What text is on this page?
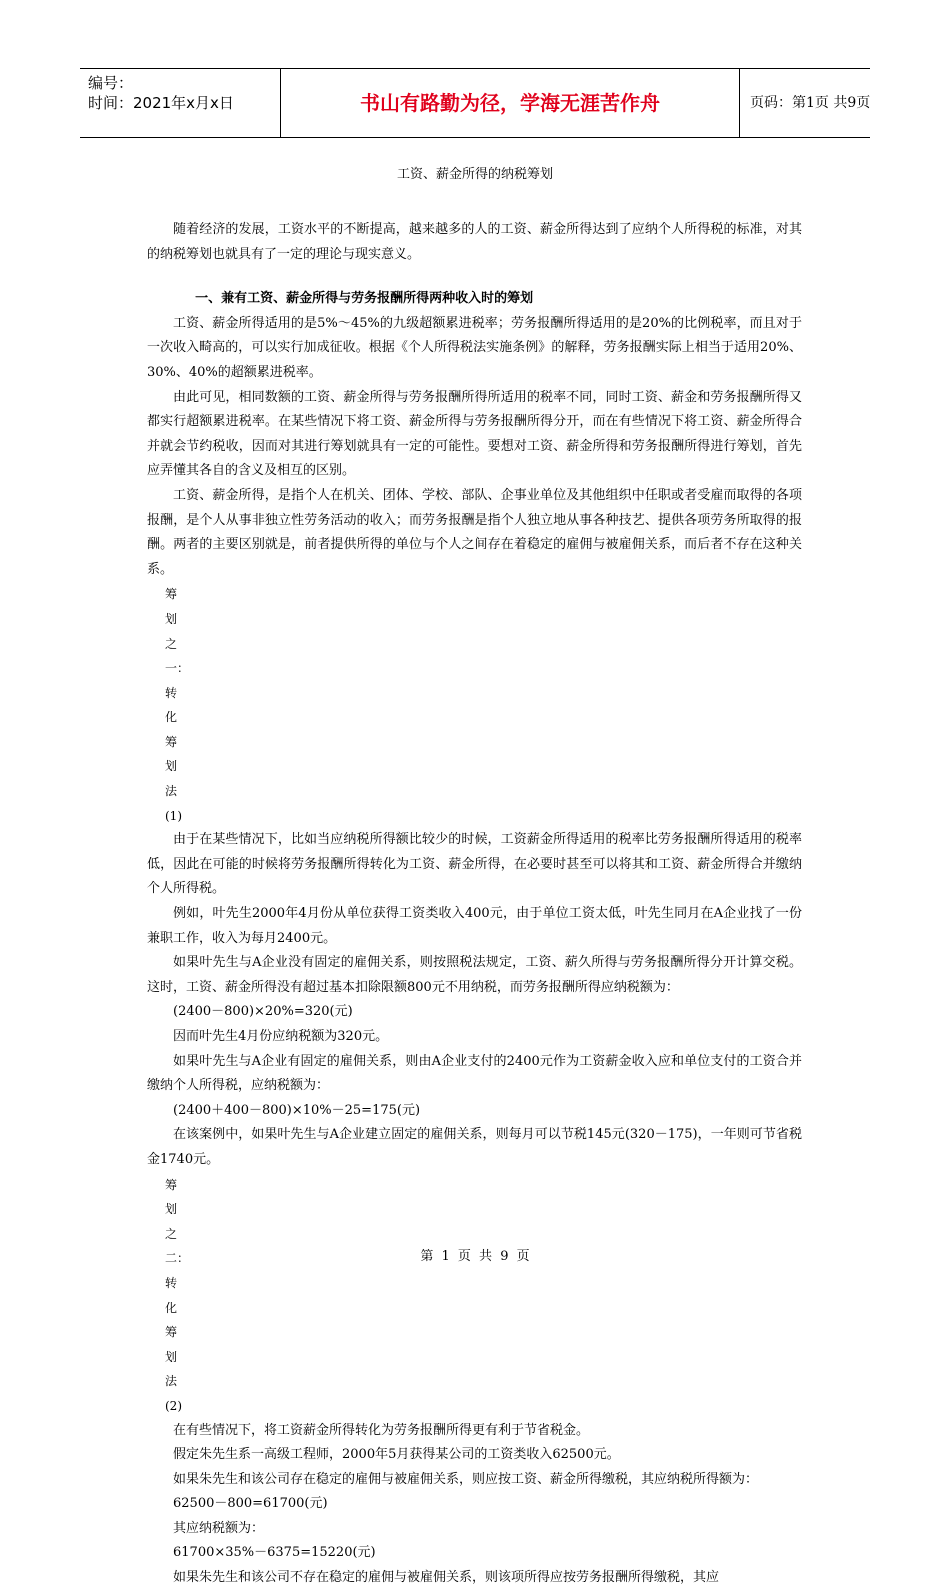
编号：
时间：2021年x月x日	书山有路勤为径，学海无涯苦作舟	页码：第1页 共9页
工资、薪金所得的纳税筹划

随着经济的发展，工资水平的不断提高，越来越多的人的工资、薪金所得达到了应纳个人所得税的标准，对其的纳税筹划也就具有了一定的理论与现实意义。

一、兼有工资、薪金所得与劳务报酬所得两种收入时的筹划

工资、薪金所得适用的是5%～45%的九级超额累进税率；劳务报酬所得适用的是20%的比例税率，而且对于一次收入畸高的，可以实行加成征收。根据《个人所得税法实施条例》的解释，劳务报酬实际上相当于适用20%、30%、40%的超额累进税率。

由此可见，相同数额的工资、薪金所得与劳务报酬所得所适用的税率不同，同时工资、薪金和劳务报酬所得又都实行超额累进税率。在某些情况下将工资、薪金所得与劳务报酬所得分开，而在有些情况下将工资、薪金所得合并就会节约税收，因而对其进行筹划就具有一定的可能性。要想对工资、薪金所得和劳务报酬所得进行筹划，首先应弄懂其各自的含义及相互的区别。

工资、薪金所得，是指个人在机关、团体、学校、部队、企事业单位及其他组织中任职或者受雇而取得的各项报酬，是个人从事非独立性劳务活动的收入；而劳务报酬是指个人独立地从事各种技艺、提供各项劳务所取得的报酬。两者的主要区别就是，前者提供所得的单位与个人之间存在着稳定的雇佣与被雇佣关系，而后者不存在这种关系。

筹划之一：转化筹划法(1)

由于在某些情况下，比如当应纳税所得额比较少的时候，工资薪金所得适用的税率比劳务报酬所得适用的税率低，因此在可能的时候将劳务报酬所得转化为工资、薪金所得，在必要时甚至可以将其和工资、薪金所得合并缴纳个人所得税。

例如，叶先生2000年4月份从单位获得工资类收入400元，由于单位工资太低，叶先生同月在A企业找了一份兼职工作，收入为每月2400元。

如果叶先生与A企业没有固定的雇佣关系，则按照税法规定，工资、薪久所得与劳务报酬所得分开计算交税。这时，工资、薪金所得没有超过基本扣除限额800元不用纳税，而劳务报酬所得应纳税额为：

(2400－800)×20%=320(元)

因而叶先生4月份应纳税额为320元。

如果叶先生与A企业有固定的雇佣关系，则由A企业支付的2400元作为工资薪金收入应和单位支付的工资合并缴纳个人所得税，应纳税额为：

(2400＋400－800)×10%－25=175(元)

在该案例中，如果叶先生与A企业建立固定的雇佣关系，则每月可以节税145元(320－175)，一年则可节省税金1740元。

筹划之二：转化筹划法(2)

在有些情况下，将工资薪金所得转化为劳务报酬所得更有利于节省税金。

假定朱先生系一高级工程师，2000年5月获得某公司的工资类收入62500元。

如果朱先生和该公司存在稳定的雇佣与被雇佣关系，则应按工资、薪金所得缴税，其应纳税所得额为：

62500－800=61700(元)

其应纳税额为：

61700×35%－6375=15220(元)

如果朱先生和该公司不存在稳定的雇佣与被雇佣关系，则该项所得应按劳务报酬所得缴税，其应

第 1 页 共 9 页
